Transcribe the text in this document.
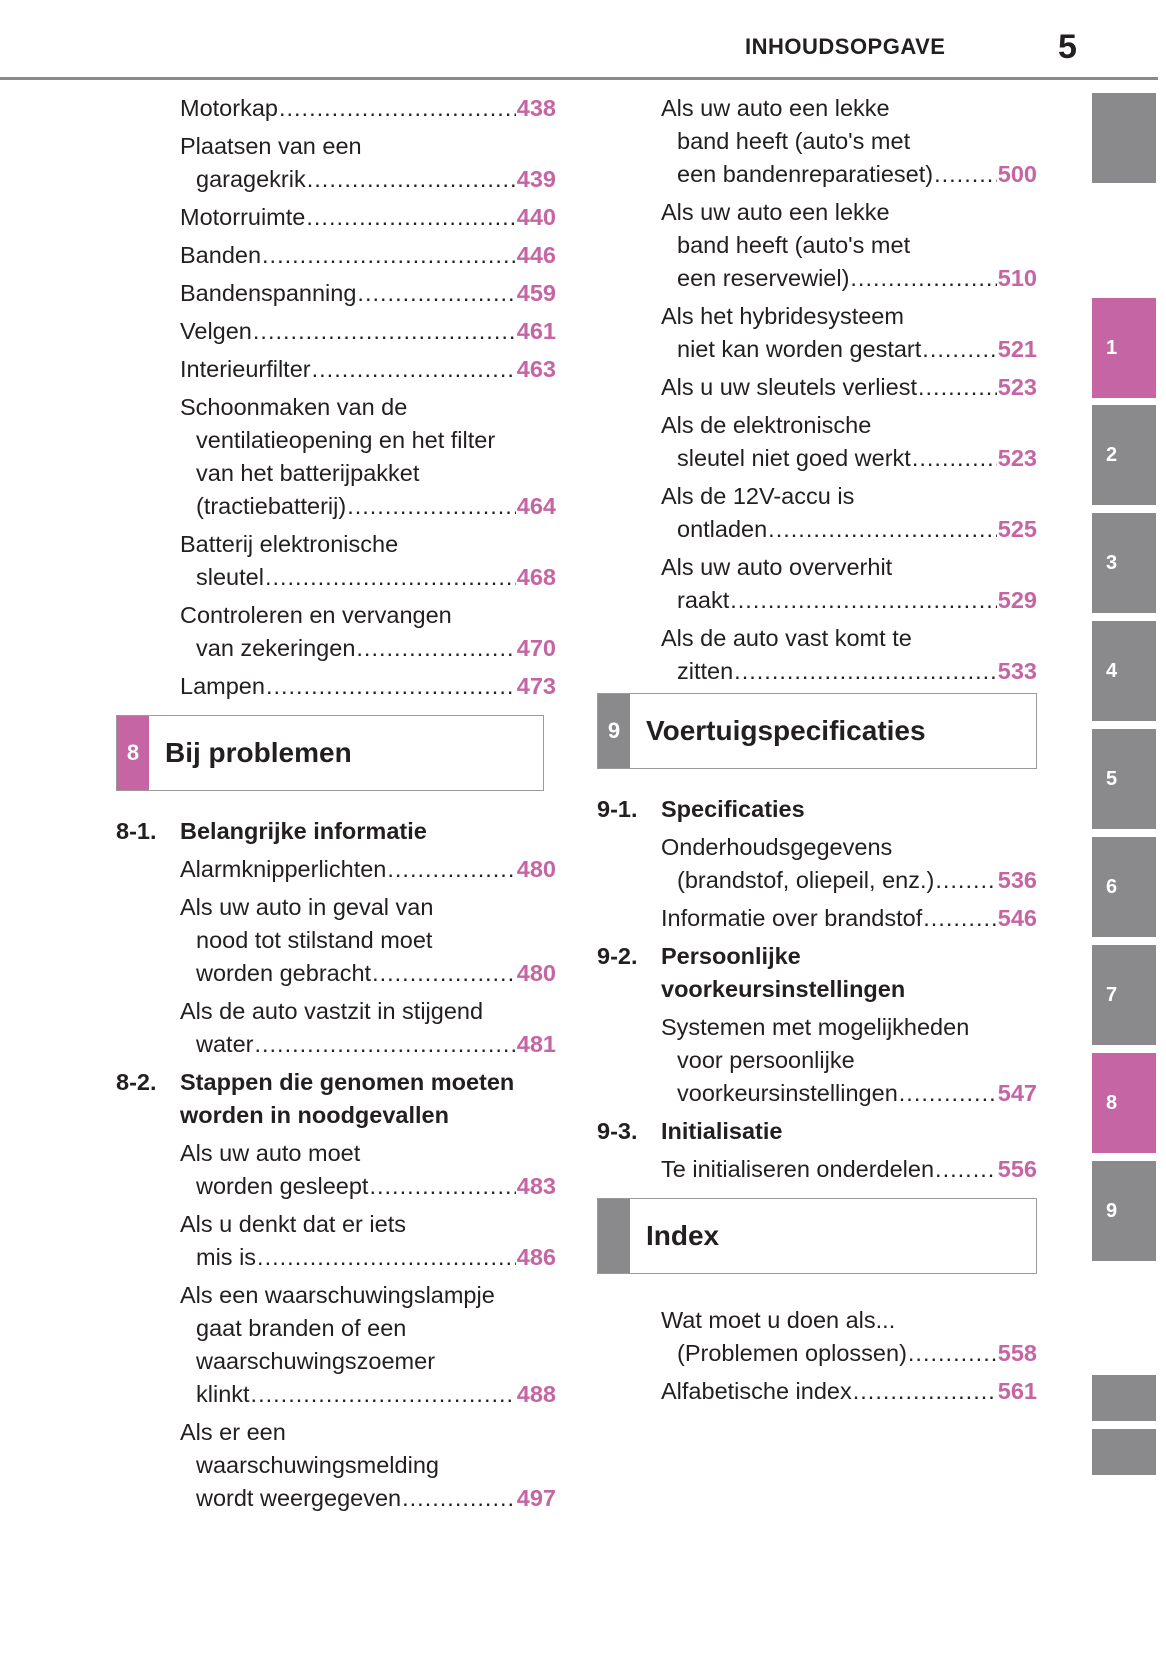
INHOUDSOPGAVE	5
Motorkap .....	438
Plaatsen van een
garagekrik .....	439
Motorruimte .....	440
Banden .....	446
Bandenspanning .....	459
Velgen .....	461
Interieurfilter .....	463
Schoonmaken van de
ventilatieopening en het filter
van het batterijpakket
(tractiebatterij) .....	464
Batterij elektronische
sleutel .....	468
Controleren en vervangen
van zekeringen .....	470
Lampen .....	473
8 Bij problemen
8-1.	Belangrijke informatie
Alarmknipperlichten .....	480
Als uw auto in geval van
nood tot stilstand moet
worden gebracht .....	480
Als de auto vastzit in stijgend
water .....	481
8-2.	Stappen die genomen moeten worden in noodgevallen
Als uw auto moet
worden gesleept .....	483
Als u denkt dat er iets
mis is .....	486
Als een waarschuwingslampje
gaat branden of een
waarschuwingszoemer
klinkt .....	488
Als er een
waarschuwingsmelding
wordt weergegeven .....	497
Als uw auto een lekke
band heeft (auto's met
een bandenreparatieset) .....	500
Als uw auto een lekke
band heeft (auto's met
een reservewiel) .....	510
Als het hybridesysteem
niet kan worden gestart .....	521
Als u uw sleutels verliest .....	523
Als de elektronische
sleutel niet goed werkt .....	523
Als de 12V-accu is
ontladen .....	525
Als uw auto oververhit
raakt .....	529
Als de auto vast komt te
zitten .....	533
9 Voertuigspecificaties
9-1.	Specificaties
Onderhoudsgegevens
(brandstof, oliepeil, enz.) .....	536
Informatie over brandstof .....	546
9-2.	Persoonlijke voorkeursinstellingen
Systemen met mogelijkheden
voor persoonlijke
voorkeursinstellingen .....	547
9-3.	Initialisatie
Te initialiseren onderdelen .....	556
Index
Wat moet u doen als...
(Problemen oplossen) .....	558
Alfabetische index .....	561
1
2
3
4
5
6
7
8
9
